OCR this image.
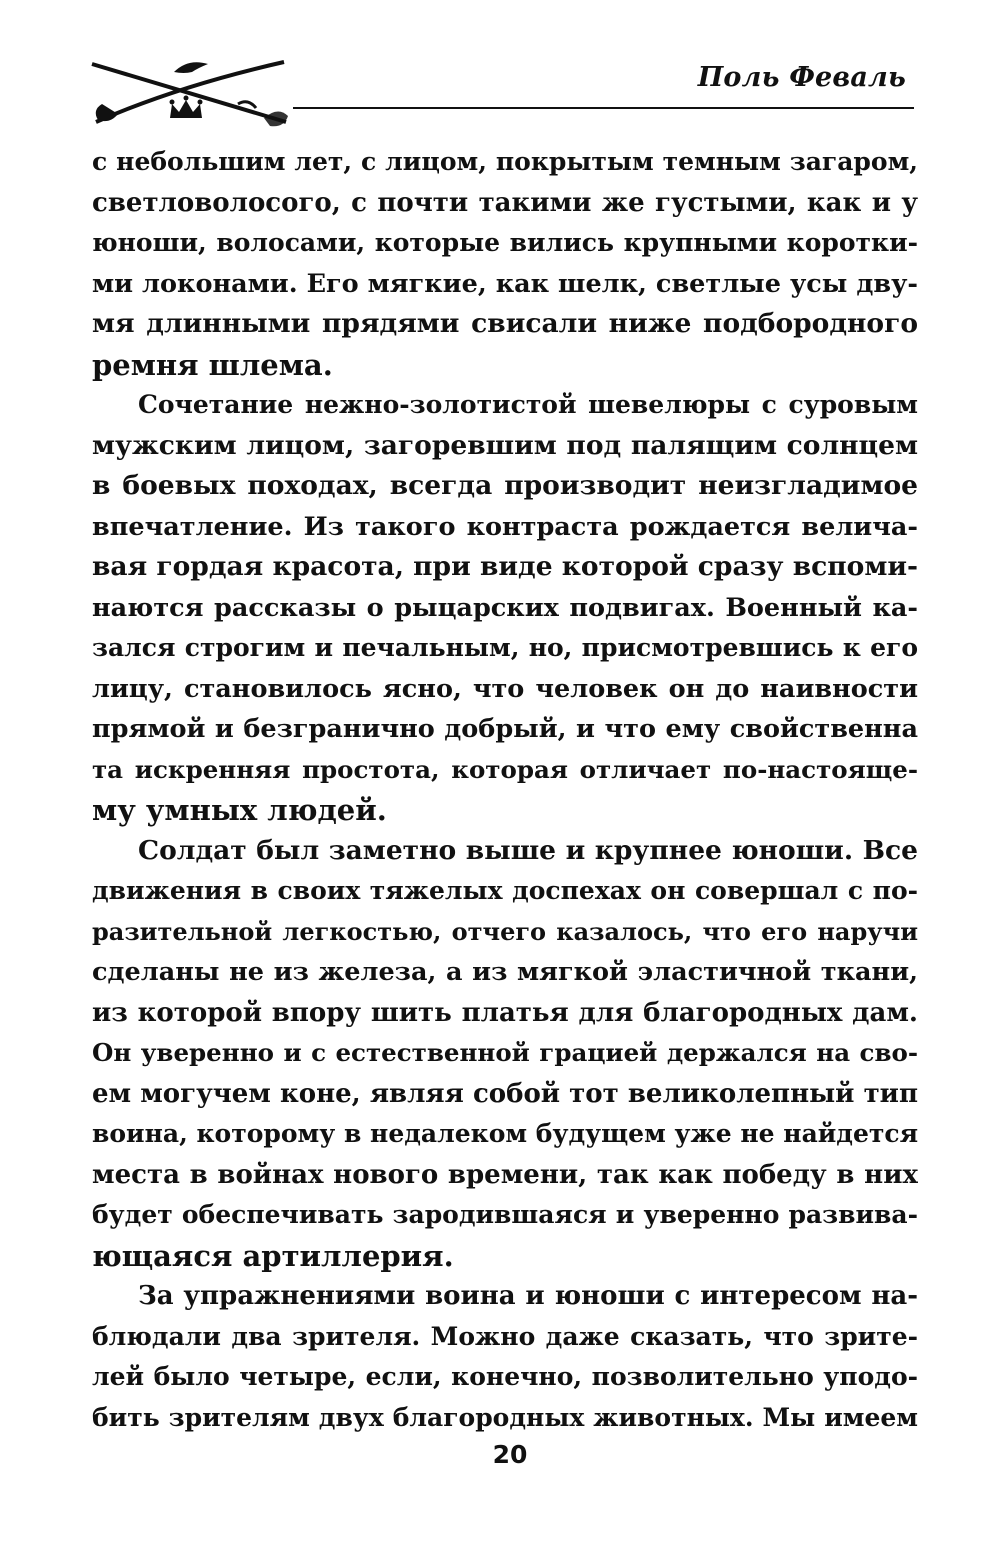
Поль Феваль
с небольшим лет, с лицом, покрытым темным загаром,
светловолосого, с почти такими же густыми, как и у
юноши, волосами, которые вились крупными коротки-
ми локонами. Его мягкие, как шелк, светлые усы дву-
мя длинными прядями свисали ниже подбородного
ремня шлема.
Сочетание нежно-золотистой шевелюры с суровым
мужским лицом, загоревшим под палящим солнцем
в боевых походах, всегда производит неизгладимое
впечатление. Из такого контраста рождается велича-
вая гордая красота, при виде которой сразу вспоми-
наются рассказы о рыцарских подвигах. Военный ка-
зался строгим и печальным, но, присмотревшись к его
лицу, становилось ясно, что человек он до наивности
прямой и безгранично добрый, и что ему свойственна
та искренняя простота, которая отличает по-настояще-
му умных людей.
Солдат был заметно выше и крупнее юноши. Все
движения в своих тяжелых доспехах он совершал с по-
разительной легкостью, отчего казалось, что его наручи
сделаны не из железа, а из мягкой эластичной ткани,
из которой впору шить платья для благородных дам.
Он уверенно и с естественной грацией держался на сво-
ем могучем коне, являя собой тот великолепный тип
воина, которому в недалеком будущем уже не найдется
места в войнах нового времени, так как победу в них
будет обеспечивать зародившаяся и уверенно развива-
ющаяся артиллерия.
За упражнениями воина и юноши с интересом на-
блюдали два зрителя. Можно даже сказать, что зрите-
лей было четыре, если, конечно, позволительно уподо-
бить зрителям двух благородных животных. Мы имеем
20
